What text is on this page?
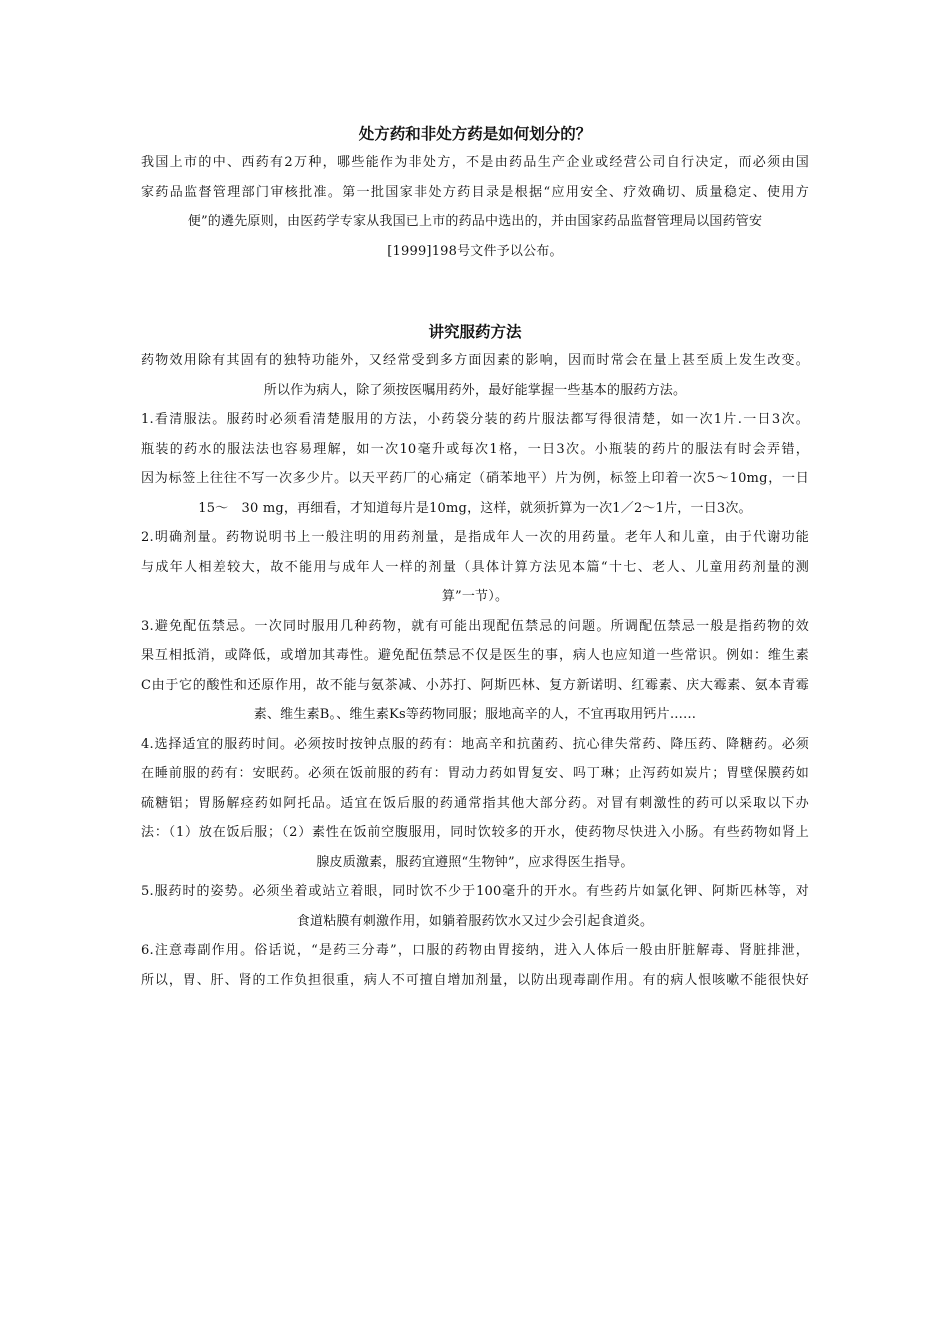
处方药和非处方药是如何划分的？
我国上市的中、西药有2万种，哪些能作为非处方，不是由药品生产企业或经营公司自行决定，而必须由国
家药品监督管理部门审核批准。第一批国家非处方药目录是根据“应用安全、疗效确切、质量稳定、使用方
便”的遴先原则，由医药学专家从我国已上市的药品中选出的，并由国家药品监督管理局以国药管安
[1999]198号文件予以公布。
讲究服药方法
药物效用除有其固有的独特功能外，又经常受到多方面因素的影响，因而时常会在量上甚至质上发生改变。
所以作为病人，除了须按医嘱用药外，最好能掌握一些基本的服药方法。
1.看清服法。服药时必须看清楚服用的方法，小药袋分装的药片服法都写得很清楚，如一次1片.一日3次。
瓶装的药水的服法法也容易理解，如一次10毫升或每次1格，一日3次。小瓶装的药片的服法有时会弄错，
因为标签上往往不写一次多少片。以天平药厂的心痛定（硝苯地平）片为例，标签上印着一次5～10mg，一日
15～　30 mg，再细看，才知道每片是10mg，这样，就须折算为一次1／2～1片，一日3次。
2.明确剂量。药物说明书上一般注明的用药剂量，是指成年人一次的用药量。老年人和儿童，由于代谢功能
与成年人相差较大，故不能用与成年人一样的剂量（具体计算方法见本篇“十七、老人、儿童用药剂量的测
算”一节）。
3.避免配伍禁忌。一次同时服用几种药物，就有可能出现配伍禁忌的问题。所调配伍禁忌一般是指药物的效
果互相抵消，或降低，或增加其毒性。避免配伍禁忌不仅是医生的事，病人也应知道一些常识。例如：维生素
C由于它的酸性和还原作用，故不能与氨茶减、小苏打、阿斯匹林、复方新诺明、红霉素、庆大霉素、氨本青霉
素、维生素B。、维生素Ks等药物同服；服地高辛的人，不宜再取用钙片……
4.选择适宜的服药时间。必须按时按钟点服的药有：地高辛和抗菌药、抗心律失常药、降压药、降糖药。必须
在睡前服的药有：安眠药。必须在饭前服的药有：胃动力药如胃复安、吗丁琳；止泻药如炭片；胃壁保膜药如
硫糖铝；胃肠解痉药如阿托品。适宜在饭后服的药通常指其他大部分药。对冒有刺激性的药可以采取以下办
法：（1）放在饭后服；（2）素性在饭前空腹服用，同时饮较多的开水，使药物尽快进入小肠。有些药物如肾上
腺皮质激素，服药宜遵照“生物钟”，应求得医生指导。
5.服药时的姿势。必须坐着或站立着眼，同时饮不少于100毫升的开水。有些药片如氯化钾、阿斯匹林等，对
食道粘膜有刺激作用，如躺着服药饮水又过少会引起食道炎。
6.注意毒副作用。俗话说，“是药三分毒”，口服的药物由胃接纳，进入人体后一般由肝脏解毒、肾脏排泄，
所以，胃、肝、肾的工作负担很重，病人不可擅自增加剂量，以防出现毒副作用。有的病人恨咳嗽不能很快好
